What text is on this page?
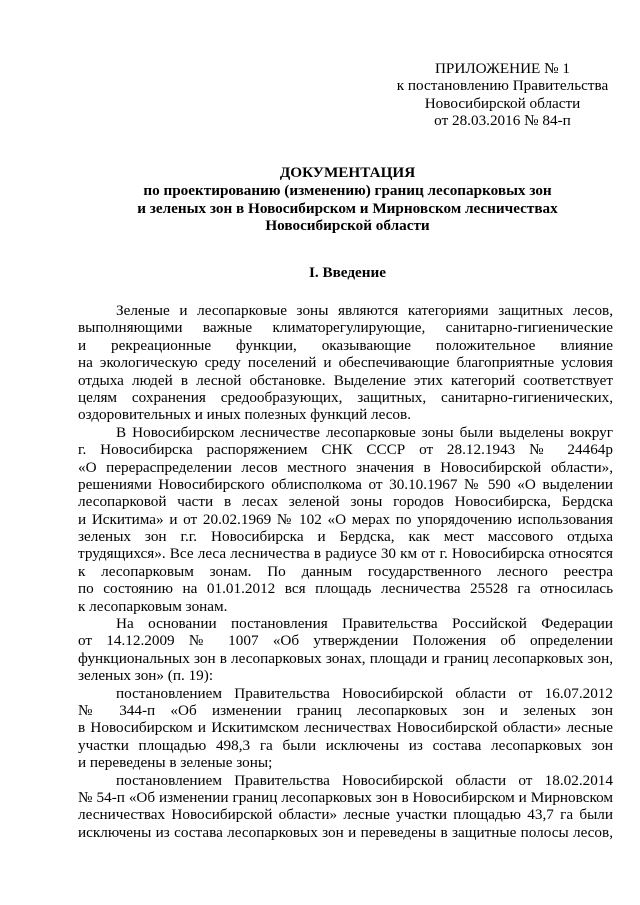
ПРИЛОЖЕНИЕ № 1
к постановлению Правительства
Новосибирской области
от 28.03.2016 № 84-п
ДОКУМЕНТАЦИЯ
по проектированию (изменению) границ лесопарковых зон
и зеленых зон в Новосибирском и Мирновском лесничествах
Новосибирской области
I. Введение
Зеленые и лесопарковые зоны являются категориями защитных лесов,
выполняющими важные климаторегулирующие, санитарно-гигиенические
и рекреационные функции, оказывающие положительное влияние
на экологическую среду поселений и обеспечивающие благоприятные условия
отдыха людей в лесной обстановке. Выделение этих категорий соответствует
целям сохранения средообразующих, защитных, санитарно-гигиенических,
оздоровительных и иных полезных функций лесов.
В Новосибирском лесничестве лесопарковые зоны были выделены вокруг
г. Новосибирска распоряжением СНК СССР от 28.12.1943 № 24464р
«О перераспределении лесов местного значения в Новосибирской области»,
решениями Новосибирского облисполкома от 30.10.1967 № 590 «О выделении
лесопарковой части в лесах зеленой зоны городов Новосибирска, Бердска
и Искитима» и от 20.02.1969 № 102 «О мерах по упорядочению использования
зеленых зон г.г. Новосибирска и Бердска, как мест массового отдыха
трудящихся». Все леса лесничества в радиусе 30 км от г. Новосибирска относятся
к лесопарковым зонам. По данным государственного лесного реестра
по состоянию на 01.01.2012 вся площадь лесничества 25528 га относилась
к лесопарковым зонам.
На основании постановления Правительства Российской Федерации
от 14.12.2009 № 1007 «Об утверждении Положения об определении
функциональных зон в лесопарковых зонах, площади и границ лесопарковых зон,
зеленых зон» (п. 19):
постановлением Правительства Новосибирской области от 16.07.2012
№ 344-п «Об изменении границ лесопарковых зон и зеленых зон
в Новосибирском и Искитимском лесничествах Новосибирской области» лесные
участки площадью 498,3 га были исключены из состава лесопарковых зон
и переведены в зеленые зоны;
постановлением Правительства Новосибирской области от 18.02.2014
№ 54-п «Об изменении границ лесопарковых зон в Новосибирском и Мирновском
лесничествах Новосибирской области» лесные участки площадью 43,7 га были
исключены из состава лесопарковых зон и переведены в защитные полосы лесов,
